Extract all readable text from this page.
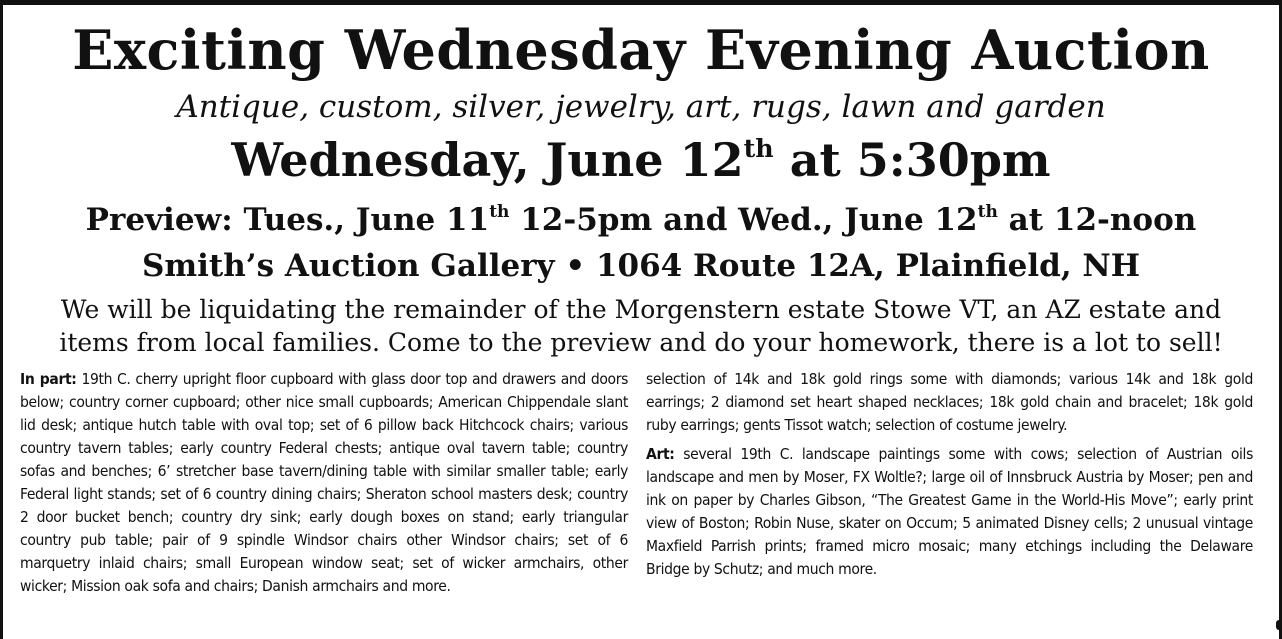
Exciting Wednesday Evening Auction
Antique, custom, silver, jewelry, art, rugs, lawn and garden
Wednesday, June 12th at 5:30pm
Preview: Tues., June 11th 12-5pm and Wed., June 12th at 12-noon
Smith’s Auction Gallery • 1064 Route 12A, Plainfield, NH
We will be liquidating the remainder of the Morgenstern estate Stowe VT, an AZ estate and items from local families. Come to the preview and do your homework, there is a lot to sell!

In part: 19th C. cherry upright floor cupboard with glass door top and drawers and doors below; country corner cupboard; other nice small cupboards; American Chippendale slant lid desk; antique hutch table with oval top; set of 6 pillow back Hitchcock chairs; various country tavern tables; early country Federal chests; antique oval tavern table; country sofas and benches; 6’ stretcher base tavern/dining table with similar smaller table; early Federal light stands; set of 6 country dining chairs; Sheraton school masters desk; country 2 door bucket bench; country dry sink; early dough boxes on stand; early triangular country pub table; pair of 9 spindle Windsor chairs other Windsor chairs; set of 6 marquetry inlaid chairs; small European window seat; set of wicker armchairs, other wicker; Mission oak sofa and chairs; Danish armchairs and more.

selection of 14k and 18k gold rings some with diamonds; various 14k and 18k gold earrings; 2 diamond set heart shaped necklaces; 18k gold chain and bracelet; 18k gold ruby earrings; gents Tissot watch; selection of costume jewelry.

Art: several 19th C. landscape paintings some with cows; selection of Austrian oils landscape and men by Moser, FX Woltle?; large oil of Innsbruck Austria by Moser; pen and ink on paper by Charles Gibson, “The Greatest Game in the World-His Move”; early print view of Boston; Robin Nuse, skater on Occum; 5 animated Disney cells; 2 unusual vintage Maxfield Parrish prints; framed micro mosaic; many etchings including the Delaware Bridge by Schutz; and much more.
